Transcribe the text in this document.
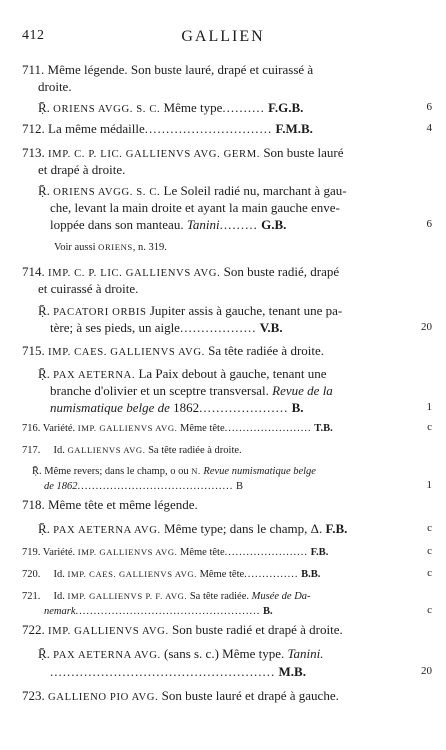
412	GALLIEN
711. Même légende. Son buste lauré, drapé et cuirassé à
droite.
Ṝ. ORIENS AVGG. S. C. Même type.......... F.G.B.	6
712. La même médaille.............................. F.M.B.	4
713. IMP. C. P. LIC. GALLIENVS AVG. GERM. Son buste lauré
et drapé à droite.
Ṝ. ORIENS AVGG. S. C. Le Soleil radié nu, marchant à gau-
che, levant la main droite et ayant la main gauche enve-
loppée dans son manteau. Tanini......... G.B.	6
Voir aussi ORIENS, n. 319.
714. IMP. C. P. LIC. GALLIENVS AVG. Son buste radié, drapé
et cuirassé à droite.
Ṝ. PACATORI ORBIS Jupiter assis à gauche, tenant une pa-
tère; à ses pieds, un aigle.................. V.B.	20
715. IMP. CAES. GALLIENVS AVG. Sa tête radiée à droite.
Ṝ. PAX AETERNA. La Paix debout à gauche, tenant une
branche d'olivier et un sceptre transversal. Revue de la
numismatique belge de 1862..................... B.	1
716. Variété. IMP. GALLIENVS AVG. Même tête........................ T.B.	c
717.     Id. GALLIENVS AVG. Sa tête radiée à droite.
Ṝ. Même revers; dans le champ, o ou N. Revue numismatique belge
de 1862........................................... B	1
718. Même tête et même légende.
Ṝ. PAX AETERNA AVG. Même type; dans le champ, Δ. F.B.	c
719. Variété. IMP. GALLIENVS AVG. Même tête....................... F.B.	c
720.     Id. IMP. CAES. GALLIENVS AVG. Même tête............... B.B.	c
721.     Id. IMP. GALLIENVS P. F. AVG. Sa tête radiée. Musée de Da-
nemark................................................... B.	c
722. IMP. GALLIENVS AVG. Son buste radié et drapé à droite.
Ṝ. PAX AETERNA AVG. (sans s. c.) Même type. Tanini.
..................................................... M.B.	20
723. GALLIENO PIO AVG. Son buste lauré et drapé à gauche.
